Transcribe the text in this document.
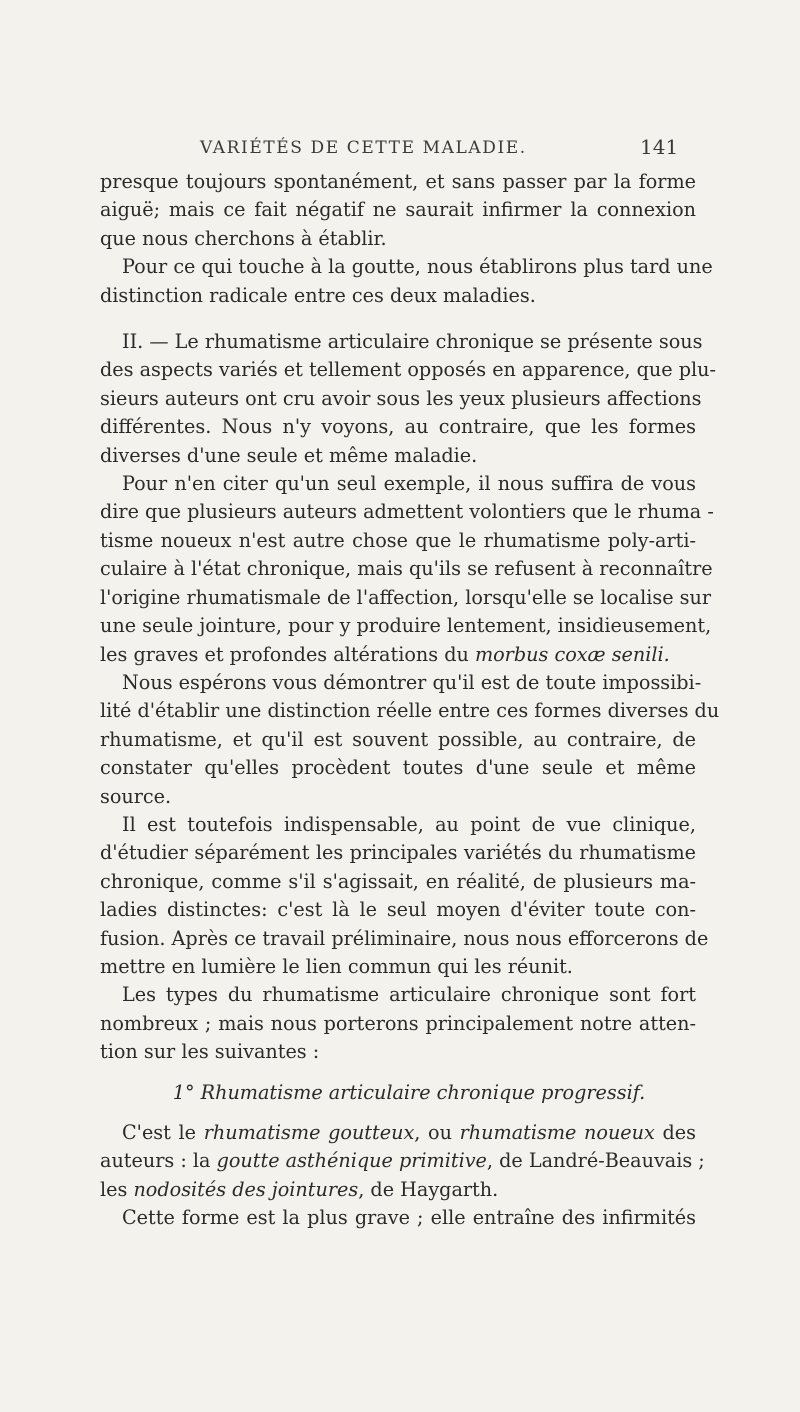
VARIÉTÉS DE CETTE MALADIE.	141
presque toujours spontanément, et sans passer par la forme
aiguë; mais ce fait négatif ne saurait infirmer la connexion
que nous cherchons à établir.
Pour ce qui touche à la goutte, nous établirons plus tard une
distinction radicale entre ces deux maladies.
II. — Le rhumatisme articulaire chronique se présente sous
des aspects variés et tellement opposés en apparence, que plu-
sieurs auteurs ont cru avoir sous les yeux plusieurs affections
différentes. Nous n'y voyons, au contraire, que les formes
diverses d'une seule et même maladie.
Pour n'en citer qu'un seul exemple, il nous suffira de vous
dire que plusieurs auteurs admettent volontiers que le rhuma -
tisme noueux n'est autre chose que le rhumatisme poly-arti-
culaire à l'état chronique, mais qu'ils se refusent à reconnaître
l'origine rhumatismale de l'affection, lorsqu'elle se localise sur
une seule jointure, pour y produire lentement, insidieusement,
les graves et profondes altérations du morbus coxæ senili.
Nous espérons vous démontrer qu'il est de toute impossibi-
lité d'établir une distinction réelle entre ces formes diverses du
rhumatisme, et qu'il est souvent possible, au contraire, de
constater qu'elles procèdent toutes d'une seule et même
source.
Il est toutefois indispensable, au point de vue clinique,
d'étudier séparément les principales variétés du rhumatisme
chronique, comme s'il s'agissait, en réalité, de plusieurs ma-
ladies distinctes: c'est là le seul moyen d'éviter toute con-
fusion. Après ce travail préliminaire, nous nous efforcerons de
mettre en lumière le lien commun qui les réunit.
Les types du rhumatisme articulaire chronique sont fort
nombreux ; mais nous porterons principalement notre atten-
tion sur les suivantes :
1° Rhumatisme articulaire chronique progressif.
C'est le rhumatisme goutteux, ou rhumatisme noueux des
auteurs : la goutte asthénique primitive, de Landré-Beauvais ;
les nodosités des jointures, de Haygarth.
Cette forme est la plus grave ; elle entraîne des infirmités
